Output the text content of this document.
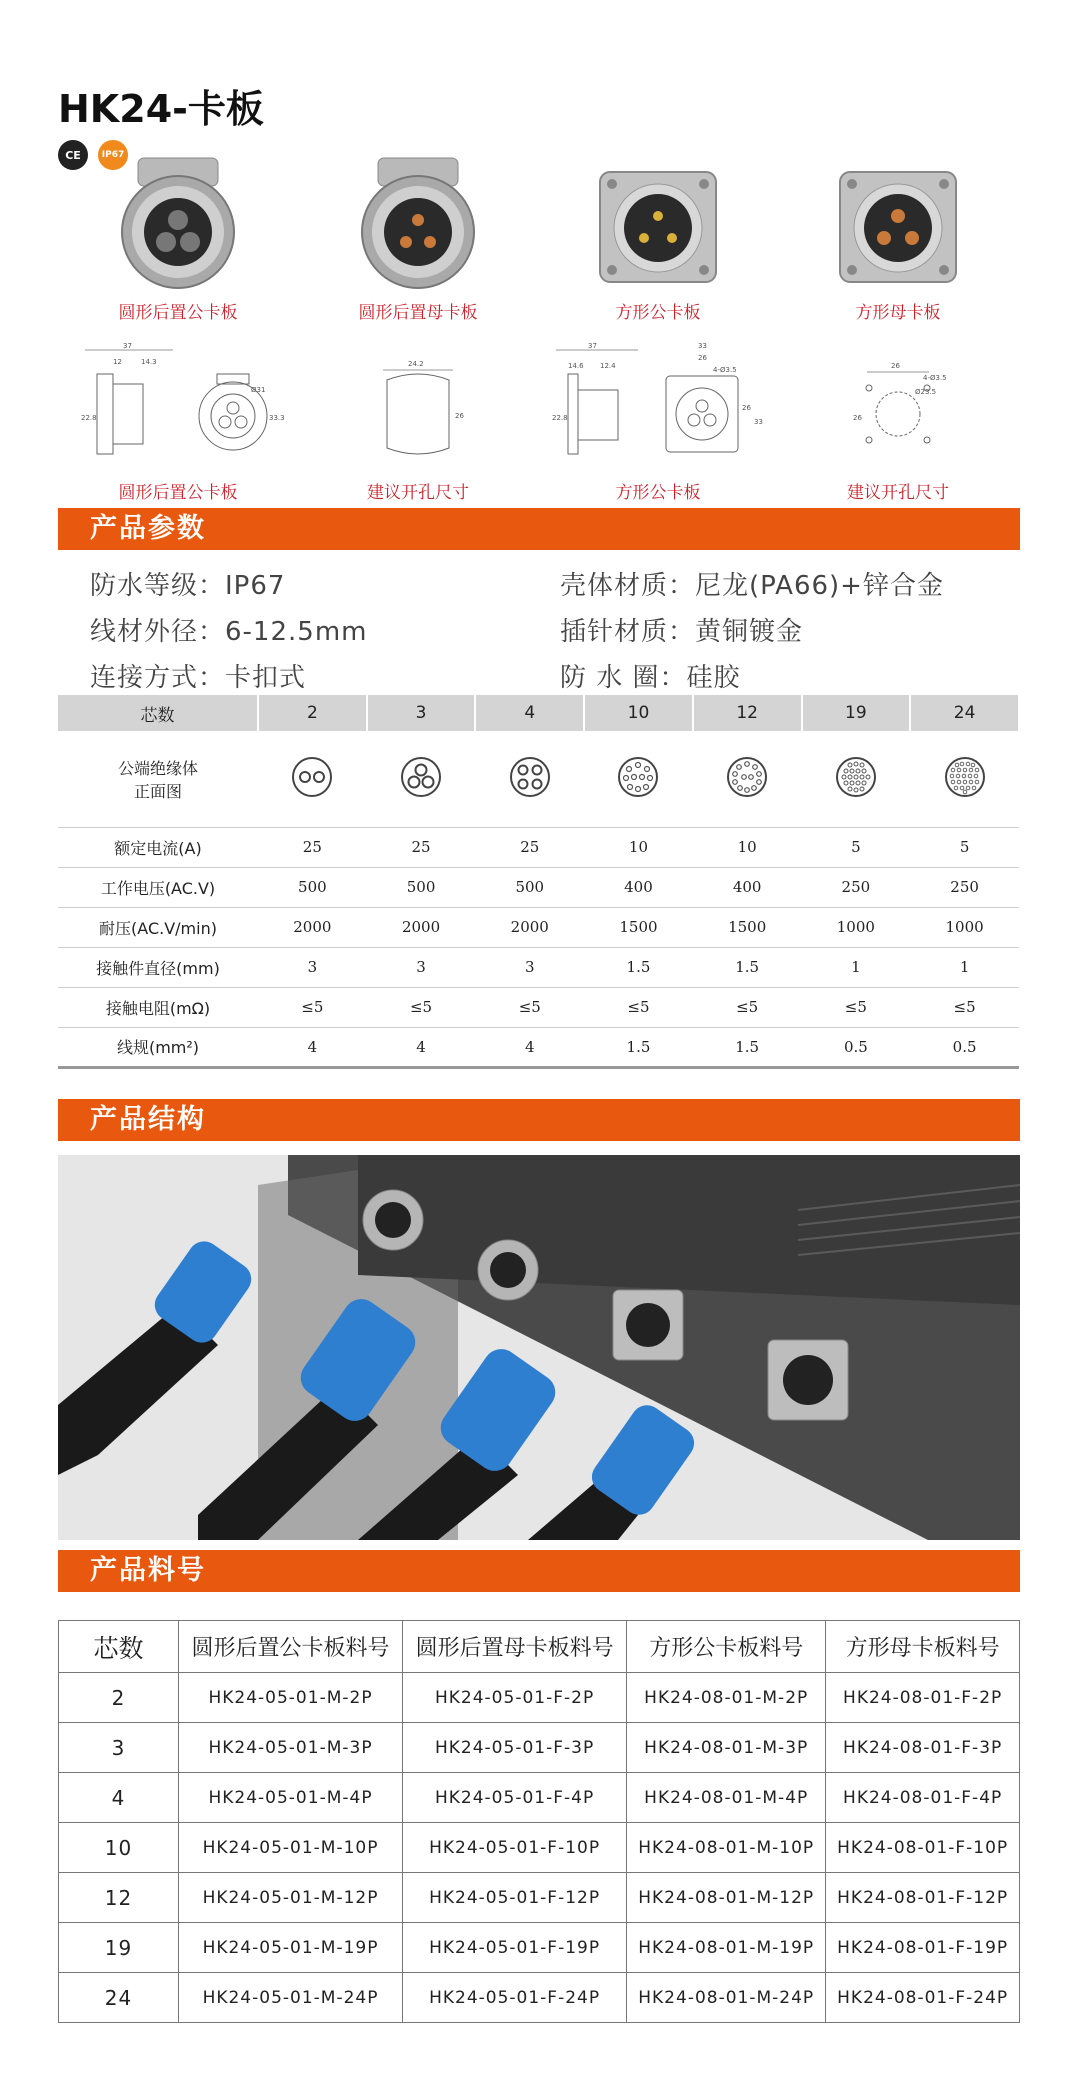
HK24-卡板
CE	IP67
圆形后置公卡板	圆形后置母卡板	方形公卡板	方形母卡板
37
12	14.3
22.8
Ø31
33.3
圆形后置公卡板
24.2
26
建议开孔尺寸
37
14.6 12.4
22.8
33
26
4-Ø3.5
26
33
方形公卡板
26
4-Ø3.5
Ø23.5
26
建议开孔尺寸
产品参数
防水等级：IP67	壳体材质：尼龙(PA66)+锌合金
线材外径：6-12.5mm	插针材质：黄铜镀金
连接方式：卡扣式	防 水 圈：硅胶
芯数	2	3	4	10	12	19	24

公端绝缘体
正面图

额定电流(A)	25	25	25	10	10	5	5
工作电压(AC.V)	500	500	500	400	400	250	250
耐压(AC.V/min)	2000	2000	2000	1500	1500	1000	1000
接触件直径(mm)	3	3	3	1.5	1.5	1	1
接触电阻(mΩ)	≤5	≤5	≤5	≤5	≤5	≤5	≤5
线规(mm²)	4	4	4	1.5	1.5	0.5	0.5
产品结构
产品料号
芯数	圆形后置公卡板料号	圆形后置母卡板料号	方形公卡板料号	方形母卡板料号
2	HK24-05-01-M-2P	HK24-05-01-F-2P	HK24-08-01-M-2P	HK24-08-01-F-2P
3	HK24-05-01-M-3P	HK24-05-01-F-3P	HK24-08-01-M-3P	HK24-08-01-F-3P
4	HK24-05-01-M-4P	HK24-05-01-F-4P	HK24-08-01-M-4P	HK24-08-01-F-4P
10	HK24-05-01-M-10P	HK24-05-01-F-10P	HK24-08-01-M-10P	HK24-08-01-F-10P
12	HK24-05-01-M-12P	HK24-05-01-F-12P	HK24-08-01-M-12P	HK24-08-01-F-12P
19	HK24-05-01-M-19P	HK24-05-01-F-19P	HK24-08-01-M-19P	HK24-08-01-F-19P
24	HK24-05-01-M-24P	HK24-05-01-F-24P	HK24-08-01-M-24P	HK24-08-01-F-24P
